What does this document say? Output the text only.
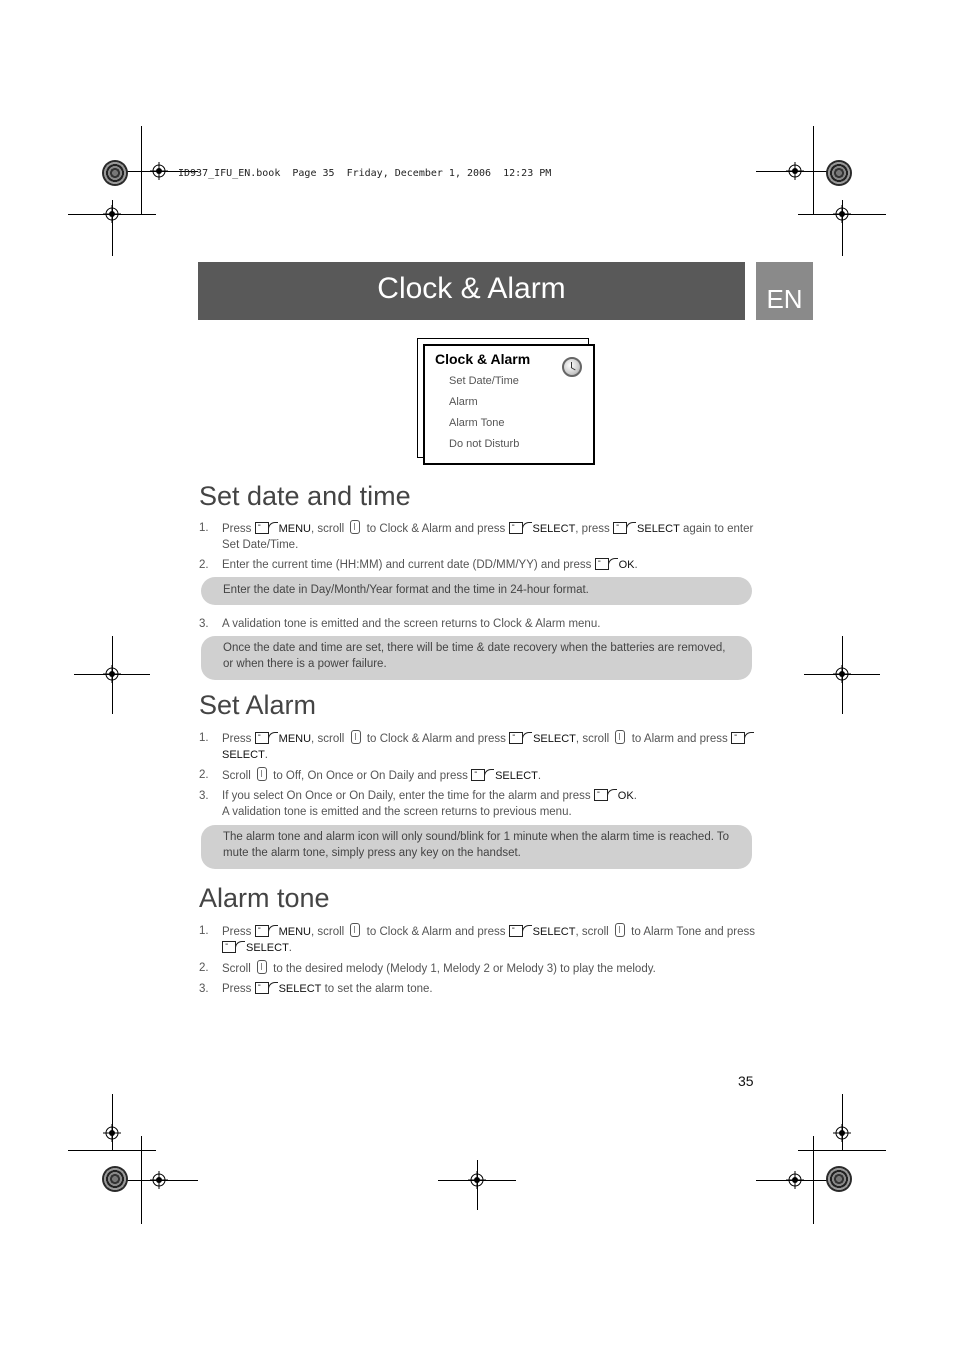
ID937_IFU_EN.book  Page 35  Friday, December 1, 2006  12:23 PM
Clock & Alarm	EN
Clock & Alarm
Set Date/Time
Alarm
Alarm Tone
Do not Disturb
Set date and time
1. Press
-MENU, scroll  to Clock & Alarm and press
-SELECT, press
-SELECT again to enter Set Date/Time.
2. Enter the current time (HH:MM) and current date (DD/MM/YY) and press
-OK.
Enter the date in Day/Month/Year format and the time in 24-hour format.
3. A validation tone is emitted and the screen returns to Clock & Alarm menu.
Once the date and time are set, there will be time & date recovery when the batteries are removed, or when there is a power failure.
Set Alarm
1. Press
-MENU, scroll  to Clock & Alarm and press
-SELECT, scroll  to Alarm and press
-SELECT.
2. Scroll  to Off, On Once or On Daily and press
-SELECT.
3. If you select On Once or On Daily, enter the time for the alarm and press
-OK.
A validation tone is emitted and the screen returns to previous menu.
The alarm tone and alarm icon will only sound/blink for 1 minute when the alarm time is reached. To mute the alarm tone, simply press any key on the handset.
Alarm tone
1. Press
-MENU, scroll  to Clock & Alarm and press
-SELECT, scroll  to Alarm Tone and press
-SELECT.
2. Scroll  to the desired melody (Melody 1, Melody 2 or Melody 3) to play the melody.
3. Press
-SELECT to set the alarm tone.
35
